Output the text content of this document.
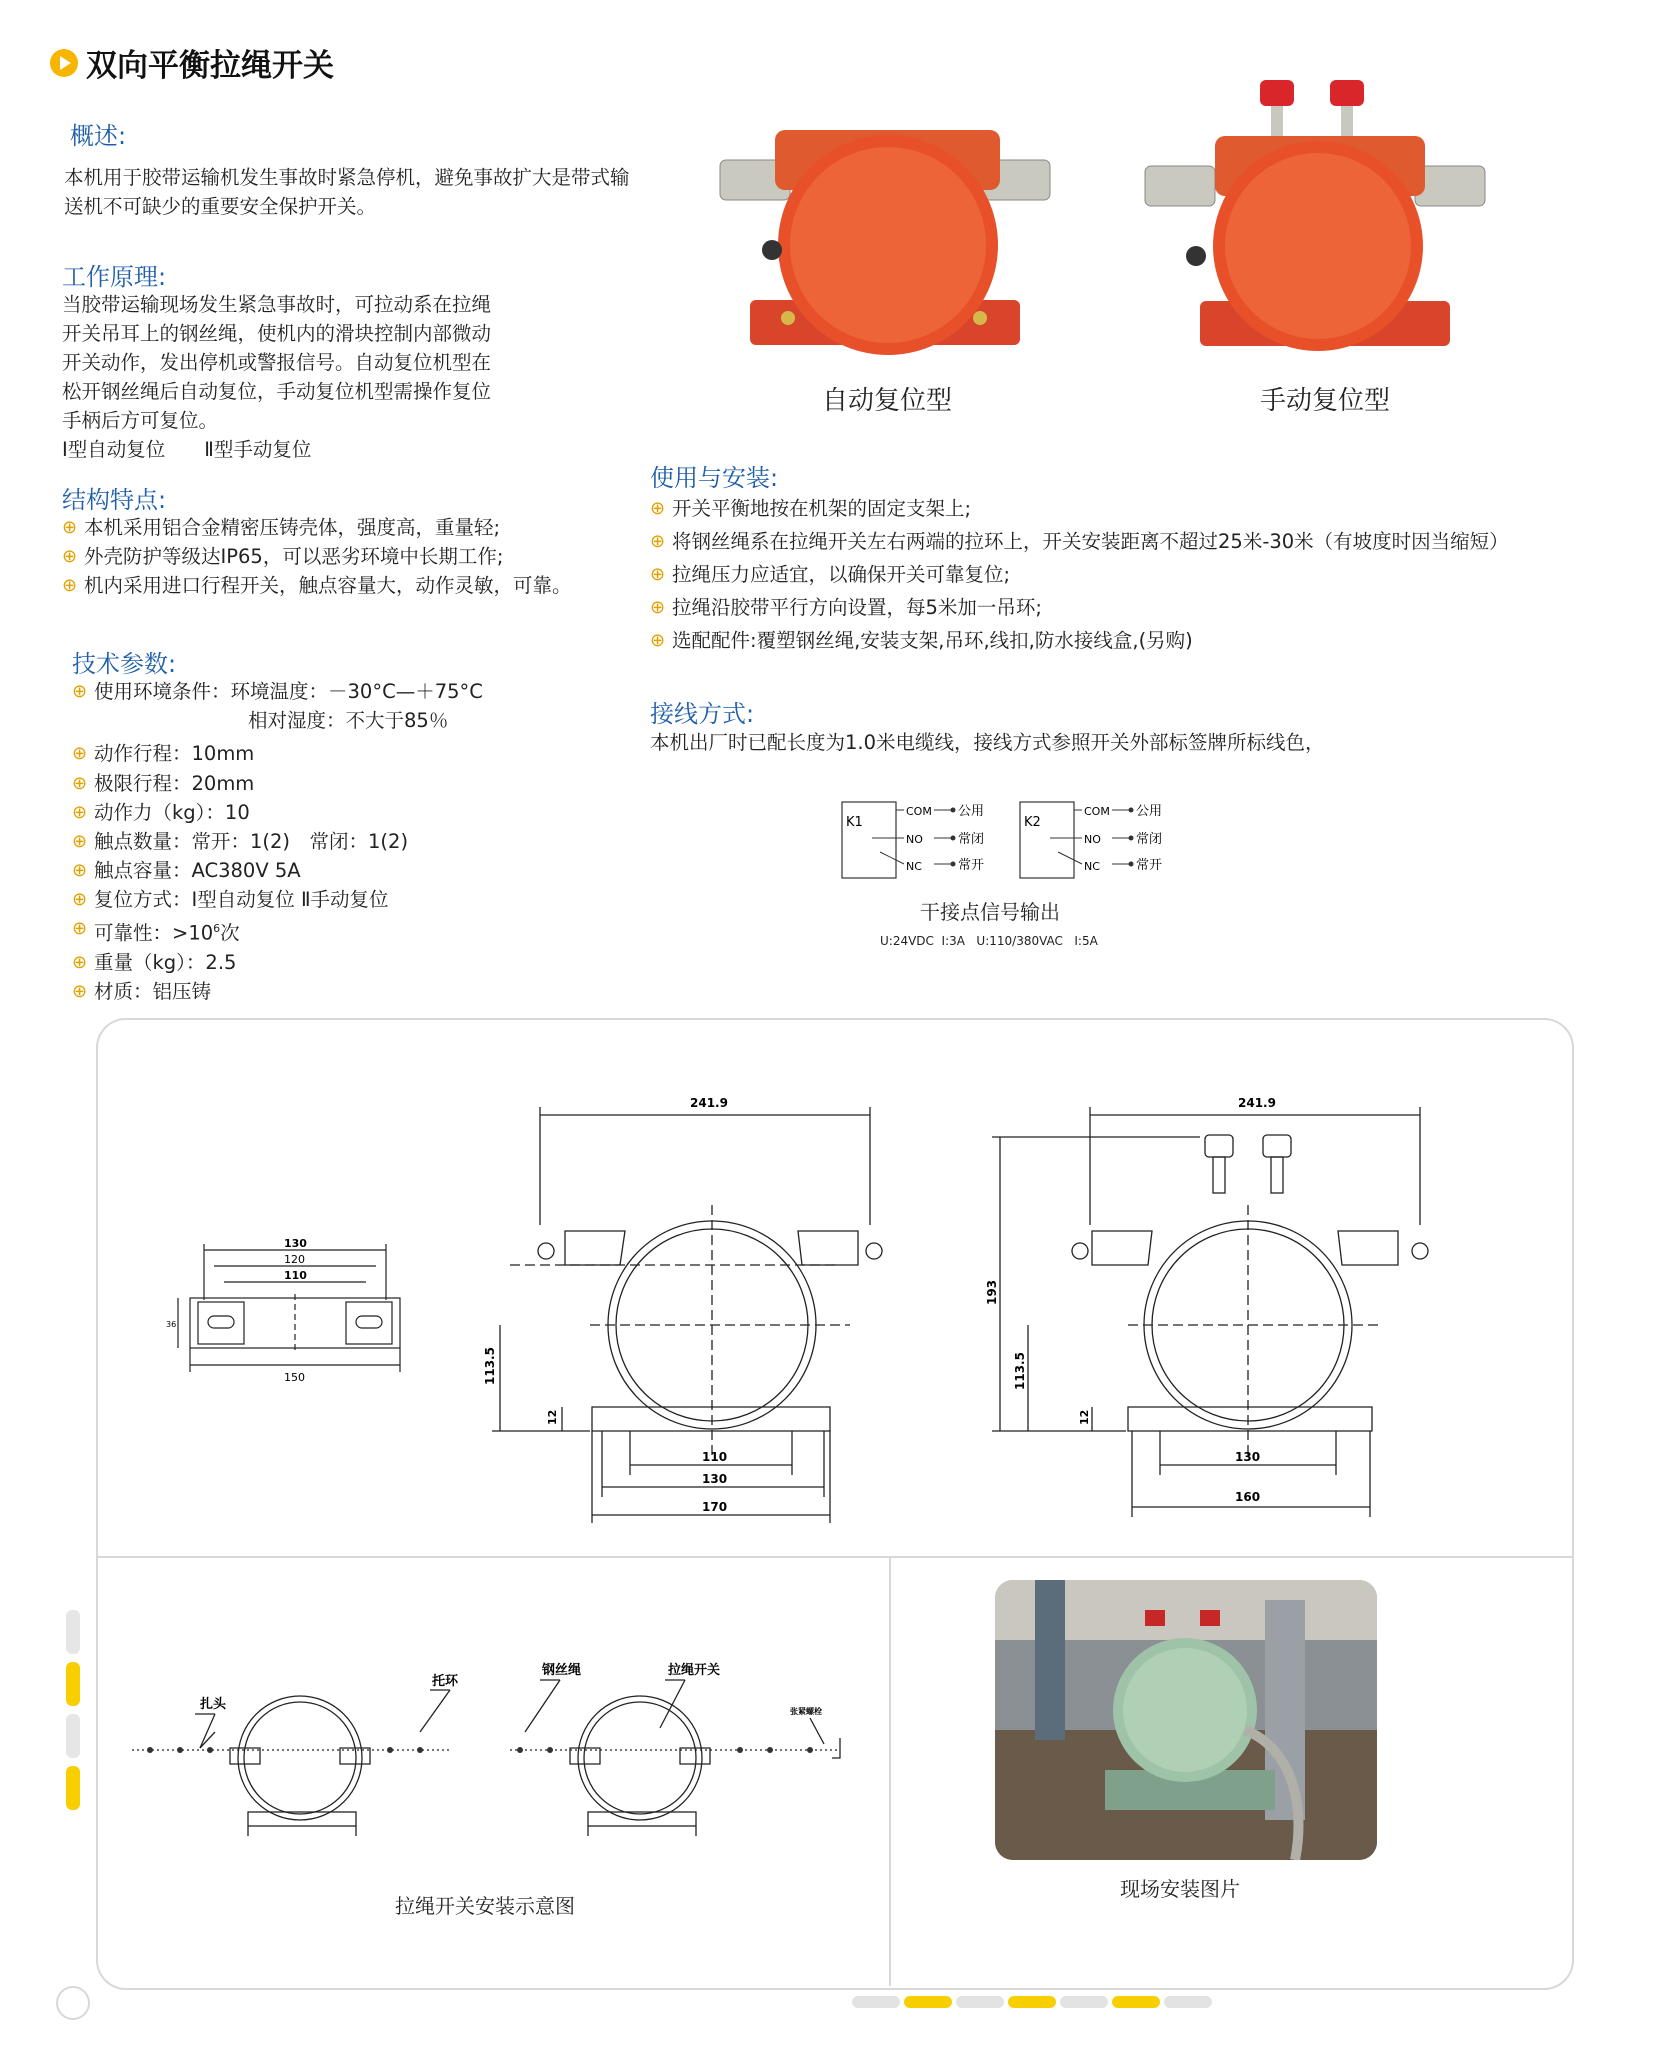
双向平衡拉绳开关
概述:
本机用于胶带运输机发生事故时紧急停机，避免事故扩大是带式输送机不可缺少的重要安全保护开关。
工作原理:
当胶带运输现场发生紧急事故时，可拉动系在拉绳
开关吊耳上的钢丝绳，使机内的滑块控制内部微动
开关动作，发出停机或警报信号。自动复位机型在
松开钢丝绳后自动复位，手动复位机型需操作复位
手柄后方可复位。
Ⅰ型自动复位　　Ⅱ型手动复位
结构特点:
⊕ 本机采用铝合金精密压铸壳体，强度高，重量轻;
⊕ 外壳防护等级达IP65，可以恶劣环境中长期工作;
⊕ 机内采用进口行程开关，触点容量大，动作灵敏，可靠。
技术参数:
⊕ 使用环境条件： 环境温度：－30°C—＋75°C
相对湿度：不大于85％
⊕ 动作行程：10mm
⊕ 极限行程：20mm
⊕ 动作力（kg）：10
⊕ 触点数量：常开：1(2)　常闭：1(2)
⊕ 触点容量：AC380V 5A
⊕ 复位方式：Ⅰ型自动复位 Ⅱ手动复位
⊕ 可靠性：$>10^6$次
⊕ 重量（kg）：2.5
⊕ 材质：铝压铸
自动复位型	手动复位型
使用与安装:
⊕ 开关平衡地按在机架的固定支架上;
⊕ 将钢丝绳系在拉绳开关左右两端的拉环上，开关安装距离不超过25米-30米（有坡度时因当缩短）
⊕ 拉绳压力应适宜，以确保开关可靠复位;
⊕ 拉绳沿胶带平行方向设置，每5米加一吊环;
⊕ 选配配件:覆塑钢丝绳,安装支架,吊环,线扣,防水接线盒,(另购)
接线方式:
本机出厂时已配长度为1.0米电缆线，接线方式参照开关外部标签牌所标线色，
K1
COM
NO
NC
公用
常闭
常开
K2
COM
NO
NC
公用
常闭
常开
干接点信号输出
U:24VDC  I:3A   U:110/380VAC   I:5A
130
120
110
150
36
241.9
113.5
12
110
130
170
241.9
193
113.5
12
130
160
扎头
托环
钢丝绳	拉绳开关
张紧螺栓
拉绳开关安装示意图
现场安装图片
